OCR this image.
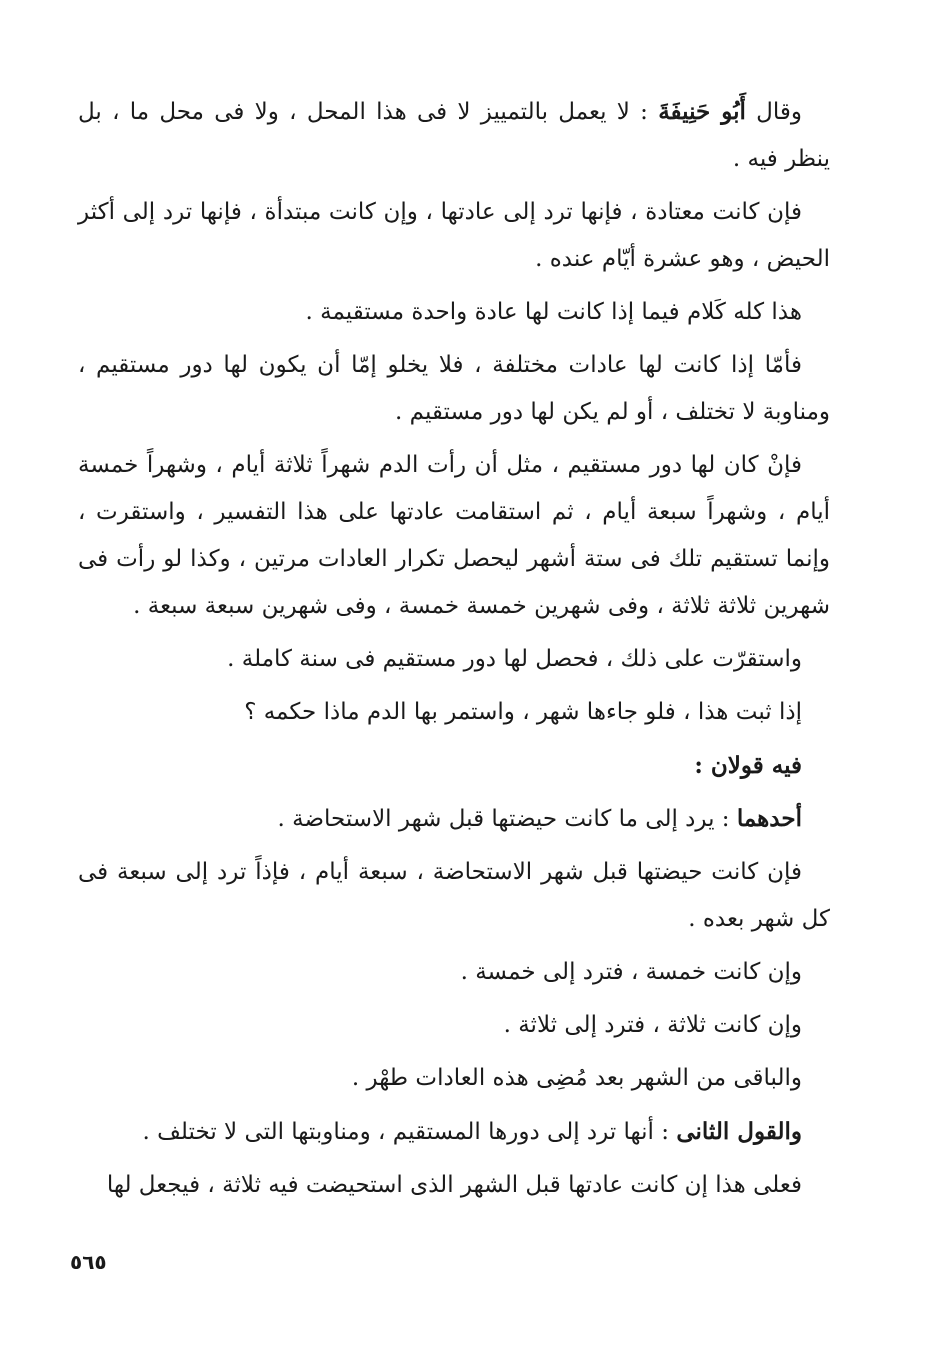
وقال أَبُو حَنِيفَةَ : لا يعمل بالتمييز لا فى هذا المحل ، ولا فى محل ما ، بل ينظر فيه .

فإن كانت معتادة ، فإنها ترد إلى عادتها ، وإن كانت مبتدأة ، فإنها ترد إلى أكثر الحيض ، وهو عشرة أيّام عنده .

هذا كله كَلام فيما إذا كانت لها عادة واحدة مستقيمة .

فأمّا إذا كانت لها عادات مختلفة ، فلا يخلو إمّا أن يكون لها دور مستقيم ، ومناوبة لا تختلف ، أو لم يكن لها دور مستقيم .

فإنْ كان لها دور مستقيم ، مثل أن رأت الدم شهراً ثلاثة أيام ، وشهراً خمسة أيام ، وشهراً سبعة أيام ، ثم استقامت عادتها على هذا التفسير ، واستقرت ، وإنما تستقيم تلك فى ستة أشهر ليحصل تكرار العادات مرتين ، وكذا لو رأت فى شهرين ثلاثة ثلاثة ، وفى شهرين خمسة خمسة ، وفى شهرين سبعة سبعة .

واستقرّت على ذلك ، فحصل لها دور مستقيم فى سنة كاملة .

إذا ثبت هذا ، فلو جاءها شهر ، واستمر بها الدم ماذا حكمه ؟

فيه قولان :

أحدهما : يرد إلى ما كانت حيضتها قبل شهر الاستحاضة .

فإن كانت حيضتها قبل شهر الاستحاضة ، سبعة أيام ، فإذاً ترد إلى سبعة فى كل شهر بعده .

وإن كانت خمسة ، فترد إلى خمسة .

وإن كانت ثلاثة ، فترد إلى ثلاثة .

والباقى من الشهر بعد مُضِى هذه العادات طهْر .

والقول الثانى : أنها ترد إلى دورها المستقيم ، ومناوبتها التى لا تختلف .

فعلى هذا إن كانت عادتها قبل الشهر الذى استحيضت فيه ثلاثة ، فيجعل لها

٥٦٥
